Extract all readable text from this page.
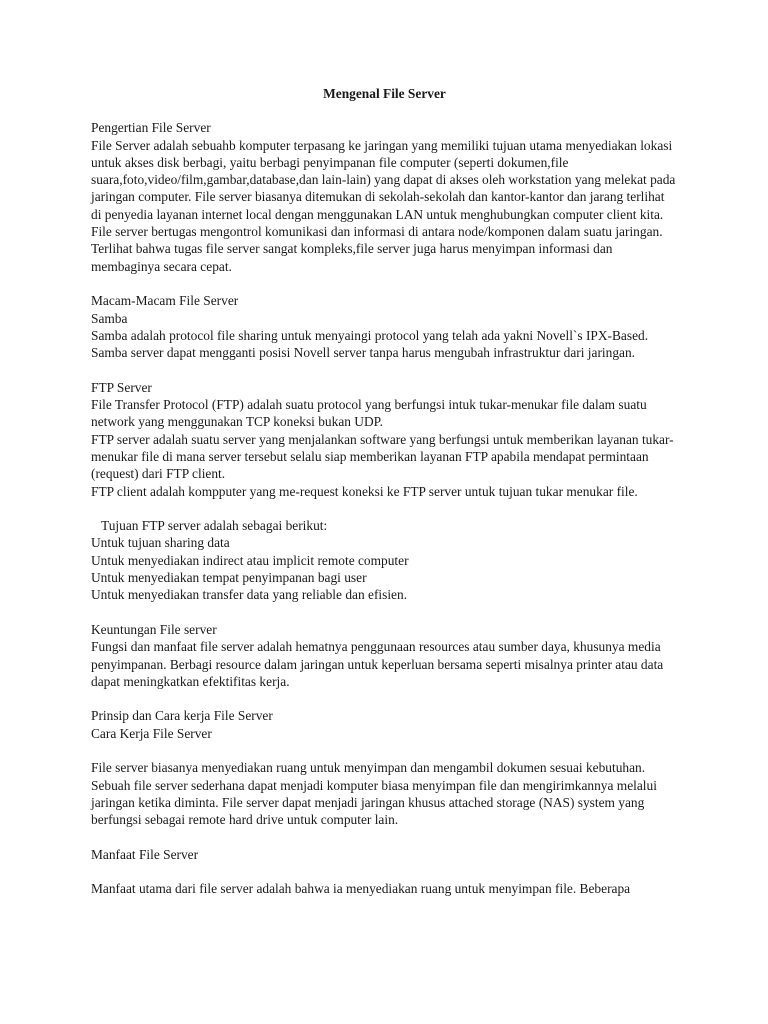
Mengenal File Server
Pengertian File Server
File Server adalah sebuahb komputer terpasang ke jaringan yang memiliki tujuan utama menyediakan lokasi untuk akses disk berbagi, yaitu berbagi penyimpanan file computer (seperti dokumen,file suara,foto,video/film,gambar,database,dan lain-lain) yang dapat di akses oleh workstation yang melekat pada jaringan computer. File server biasanya ditemukan di sekolah-sekolah dan kantor-kantor dan jarang terlihat di penyedia layanan internet local dengan menggunakan LAN untuk menghubungkan computer client kita. File server bertugas mengontrol komunikasi dan informasi di antara node/komponen dalam suatu jaringan. Terlihat bahwa tugas file server sangat kompleks,file server juga harus menyimpan informasi dan membaginya secara cepat.
Macam-Macam File Server
Samba
Samba adalah protocol file sharing untuk menyaingi protocol yang telah ada yakni Novell`s IPX-Based. Samba server dapat mengganti posisi Novell server tanpa harus mengubah infrastruktur dari jaringan.
FTP Server
File Transfer Protocol (FTP) adalah suatu protocol yang berfungsi intuk tukar-menukar file dalam suatu network yang menggunakan TCP koneksi bukan UDP.
FTP server adalah suatu server yang menjalankan software yang berfungsi untuk memberikan layanan tukar-menukar file di mana server tersebut selalu siap memberikan layanan FTP apabila mendapat permintaan (request) dari FTP client.
FTP client adalah kompputer yang me-request koneksi ke FTP server untuk tujuan tukar menukar file.
Tujuan FTP server adalah sebagai berikut:
Untuk tujuan sharing data
Untuk menyediakan indirect atau implicit remote computer
Untuk menyediakan tempat penyimpanan bagi user
Untuk menyediakan transfer data yang reliable dan efisien.
Keuntungan File server
Fungsi dan manfaat file server adalah hematnya penggunaan resources atau sumber daya, khusunya media penyimpanan. Berbagi resource dalam jaringan untuk keperluan bersama seperti misalnya printer atau data dapat meningkatkan efektifitas kerja.
Prinsip dan Cara kerja File Server
Cara Kerja File Server
File server biasanya menyediakan ruang untuk menyimpan dan mengambil dokumen sesuai kebutuhan. Sebuah file server sederhana dapat menjadi komputer biasa menyimpan file dan mengirimkannya melalui jaringan ketika diminta. File server dapat menjadi jaringan khusus attached storage (NAS) system yang berfungsi sebagai remote hard drive untuk computer lain.
Manfaat File Server
Manfaat utama dari file server adalah bahwa ia menyediakan ruang untuk menyimpan file. Beberapa
